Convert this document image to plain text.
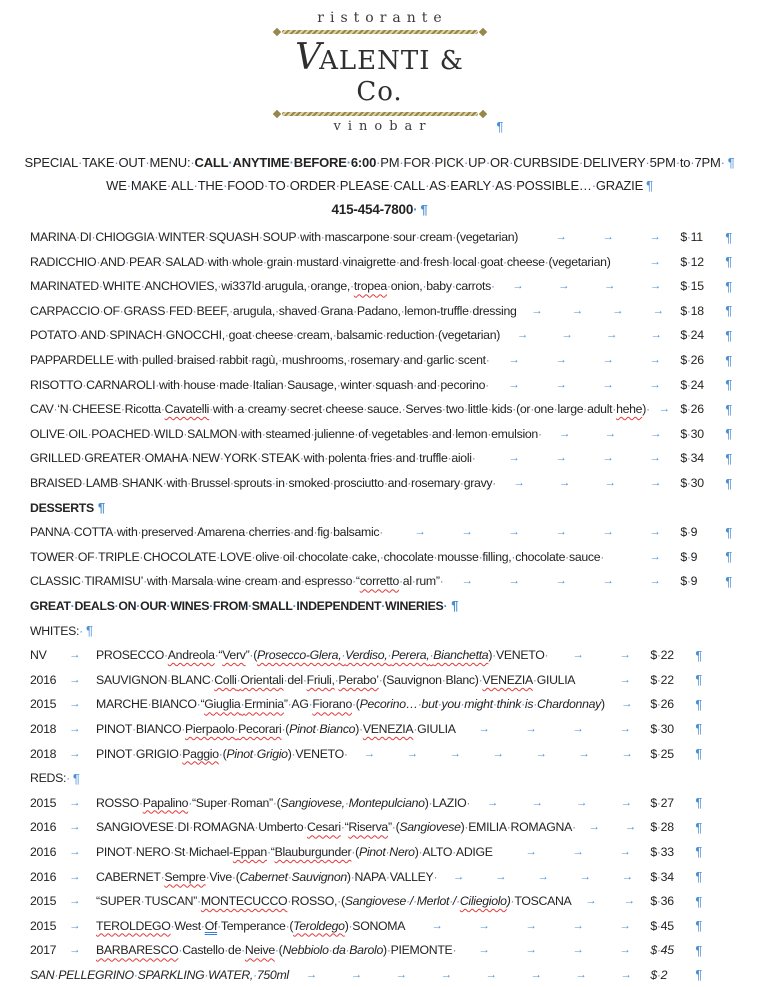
ristorante
VALENTI & Co.
vinobar	¶
SPECIAL·TAKE·OUT·MENU:· CALL·ANYTIME·BEFORE·6:00 ·PM·FOR·PICK·UP·OR·CURBSIDE·DELIVERY·5PM·to·7PM· ¶
WE·MAKE·ALL·THE·FOOD·TO·ORDER·PLEASE·CALL·AS·EARLY·AS·POSSIBLE…·GRAZIE ¶
415-454-7800· ¶
MARINA·DI·CHIOGGIA·WINTER·SQUASH·SOUP·with·mascarpone·sour·cream·(vegetarian)	→	→	→	$·11	¶
RADICCHIO·AND·PEAR·SALAD·with·whole·grain·mustard·vinaigrette·and·fresh·local·goat·cheese·(vegetarian)	→	$·12	¶
MARINATED·WHITE·ANCHOVIES,·wi337ld·arugula,·orange,·tropea·onion,·baby·carrots·	→	→	→	→	$·15	¶
CARPACCIO·OF·GRASS·FED·BEEF,·arugula,·shaved·Grana·Padano,·lemon-truffle·dressing	→	→	→	→	$·18	¶
POTATO·AND·SPINACH·GNOCCHI,·goat·cheese·cream,·balsamic·reduction·(vegetarian)	→	→	→	→	$·24	¶
PAPPARDELLE·with·pulled·braised·rabbit·ragù,·mushrooms,·rosemary·and·garlic·scent·	→	→	→	→	$·26	¶
RISOTTO·CARNAROLI·with·house·made·Italian·Sausage,·winter·squash·and·pecorino·	→	→	→	→	$·24	¶
CAV·‘N·CHEESE·Ricotta·Cavatelli·with·a·creamy·secret·cheese·sauce.·Serves·two·little·kids·(or·one·large·adult·hehe)· → $·26	¶
OLIVE·OIL·POACHED·WILD·SALMON·with·steamed·julienne·of·vegetables·and·lemon·emulsion·	→	→	→	$·30	¶
GRILLED·GREATER·OMAHA·NEW·YORK·STEAK·with·polenta·fries·and·truffle·aioli·	→	→	→	→	$·34	¶
BRAISED·LAMB·SHANK·with·Brussel·sprouts·in·smoked·prosciutto·and·rosemary·gravy·	→	→	→	→	$·30	¶
DESSERTS ¶
PANNA·COTTA·with·preserved·Amarena·cherries·and·fig·balsamic·	→	→	→	→	→	→	$·9	¶
TOWER·OF·TRIPLE·CHOCOLATE·LOVE·olive·oil·chocolate·cake,·chocolate·mousse·filling,·chocolate·sauce·	→	$·9	¶
CLASSIC·TIRAMISU’·with·Marsala·wine·cream·and·espresso·“corretto·al·rum”·	→	→	→	→	→	$·9	¶
GREAT·DEALS·ON·OUR·WINES·FROM·SMALL·INDEPENDENT·WINERIES· ¶
WHITES:· ¶
NV	→	PROSECCO·Andreola·“Verv”·(Prosecco-Glera,·Verdiso,·Perera,·Bianchetta)·VENETO·	→	→	$·22	¶
2016	→	SAUVIGNON·BLANC·Colli·Orientali·del·Friuli,·Perabo’·(Sauvignon·Blanc)·VENEZIA·GIULIA	→	$·22	¶
2015	→	MARCHE·BIANCO·“Giuglia·Erminia”·AG·Fiorano·(Pecorino…·but·you·might·think·is·Chardonnay)	→	$·26	¶
2018	→	PINOT·BIANCO·Pierpaolo·Pecorari·(Pinot·Bianco)·VENEZIA·GIULIA	→	→	→	→	$·30	¶
2018	→	PINOT·GRIGIO·Paggio·(Pinot·Grigio)·VENETO·	→	→	→	→	→	→	→	$·25	¶
REDS:· ¶
2015	→	ROSSO·Papalino·“Super·Roman”·(Sangiovese,·Montepulciano)·LAZIO·	→	→	→	→	$·27	¶
2016	→	SANGIOVESE·DI·ROMAGNA·Umberto·Cesari·“Riserva”·(Sangiovese)·EMILIA·ROMAGNA·	→	→	$·28	¶
2016	→	PINOT·NERO·St·Michael-Eppan·“Blauburgunder·(Pinot·Nero)·ALTO·ADIGE	→	→	→	$·33	¶
2016	→	CABERNET·Sempre·Vive·(Cabernet·Sauvignon)·NAPA·VALLEY·	→	→	→	→	→	$·34	¶
2015	→	“SUPER·TUSCAN”·MONTECUCCO·ROSSO,·(Sangiovese·/·Merlot·/·Ciliegiolo)·TOSCANA	→	→	$·36	¶
2015	→	TEROLDEGO·West·Of·Temperance·(Teroldego)·SONOMA	→	→	→	→	→	$·45	¶
2017	→	BARBARESCO·Castello·de·Neive·(Nebbiolo·da·Barolo)·PIEMONTE·	→	→	→	→	$·45	¶
SAN·PELLEGRINO·SPARKLING·WATER,·750ml	→	→	→	→	→	→	→	→	$·2	¶
